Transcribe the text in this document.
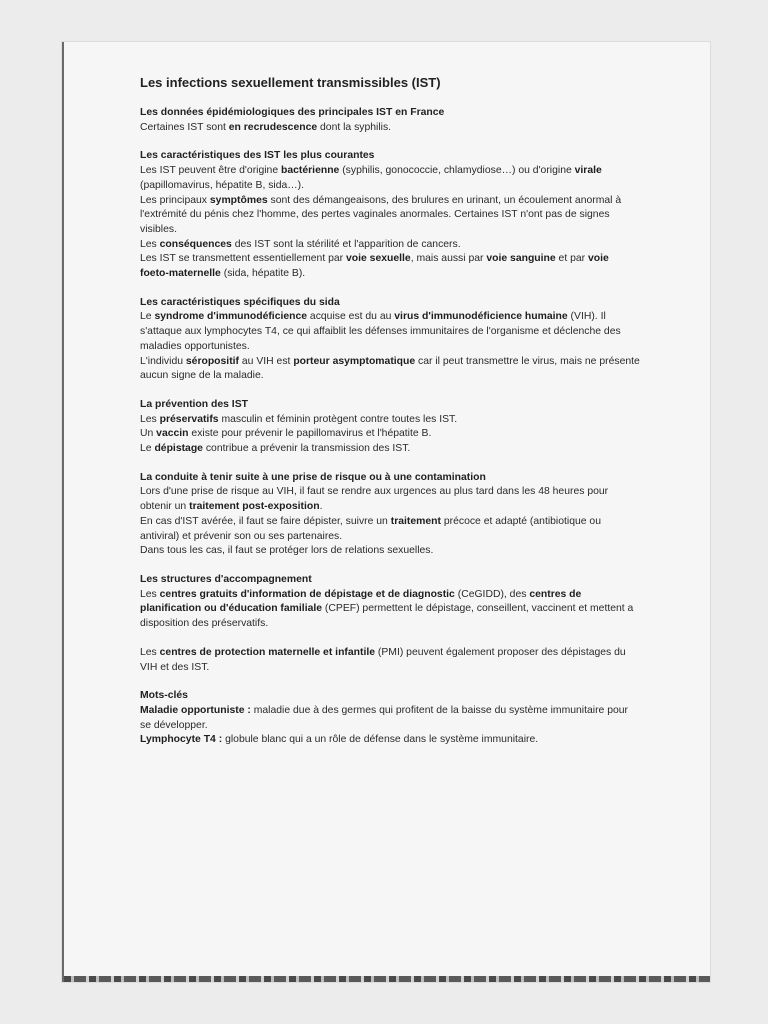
Les infections sexuellement transmissibles (IST)
Les données épidémiologiques des principales IST en France

Certaines IST sont en recrudescence dont la syphilis.

Les caractéristiques des IST les plus courantes

Les IST peuvent être d'origine bactérienne (syphilis, gonococcie, chlamydiose…) ou d'origine virale (papillomavirus, hépatite B, sida…).

Les principaux symptômes sont des démangeaisons, des brulures en urinant, un écoulement anormal à l'extrémité du pénis chez l'homme, des pertes vaginales anormales. Certaines IST n'ont pas de signes visibles.

Les conséquences des IST sont la stérilité et l'apparition de cancers.

Les IST se transmettent essentiellement par voie sexuelle, mais aussi par voie sanguine et par voie foeto-maternelle (sida, hépatite B).

Les caractéristiques spécifiques du sida

Le syndrome d'immunodéficience acquise est du au virus d'immunodéficience humaine (VIH). Il s'attaque aux lymphocytes T4, ce qui affaiblit les défenses immunitaires de l'organisme et déclenche des maladies opportunistes.

L'individu séropositif au VIH est porteur asymptomatique car il peut transmettre le virus, mais ne présente aucun signe de la maladie.

La prévention des IST

Les préservatifs masculin et féminin protègent contre toutes les IST.

Un vaccin existe pour prévenir le papillomavirus et l'hépatite B.

Le dépistage contribue a prévenir la transmission des IST.

La conduite à tenir suite à une prise de risque ou à une contamination

Lors d'une prise de risque au VIH, il faut se rendre aux urgences au plus tard dans les 48 heures pour obtenir un traitement post-exposition.

En cas d'IST avérée, il faut se faire dépister, suivre un traitement précoce et adapté (antibiotique ou antiviral) et prévenir son ou ses partenaires.

Dans tous les cas, il faut se protéger lors de relations sexuelles.

Les structures d'accompagnement

Les centres gratuits d'information de dépistage et de diagnostic (CeGIDD), des centres de planification ou d'éducation familiale (CPEF) permettent le dépistage, conseillent, vaccinent et mettent a disposition des préservatifs.

Les centres de protection maternelle et infantile (PMI) peuvent également proposer des dépistages du VIH et des IST.

Mots-clés

Maladie opportuniste : maladie due à des germes qui profitent de la baisse du système immunitaire pour se développer.

Lymphocyte T4 : globule blanc qui a un rôle de défense dans le système immunitaire.
